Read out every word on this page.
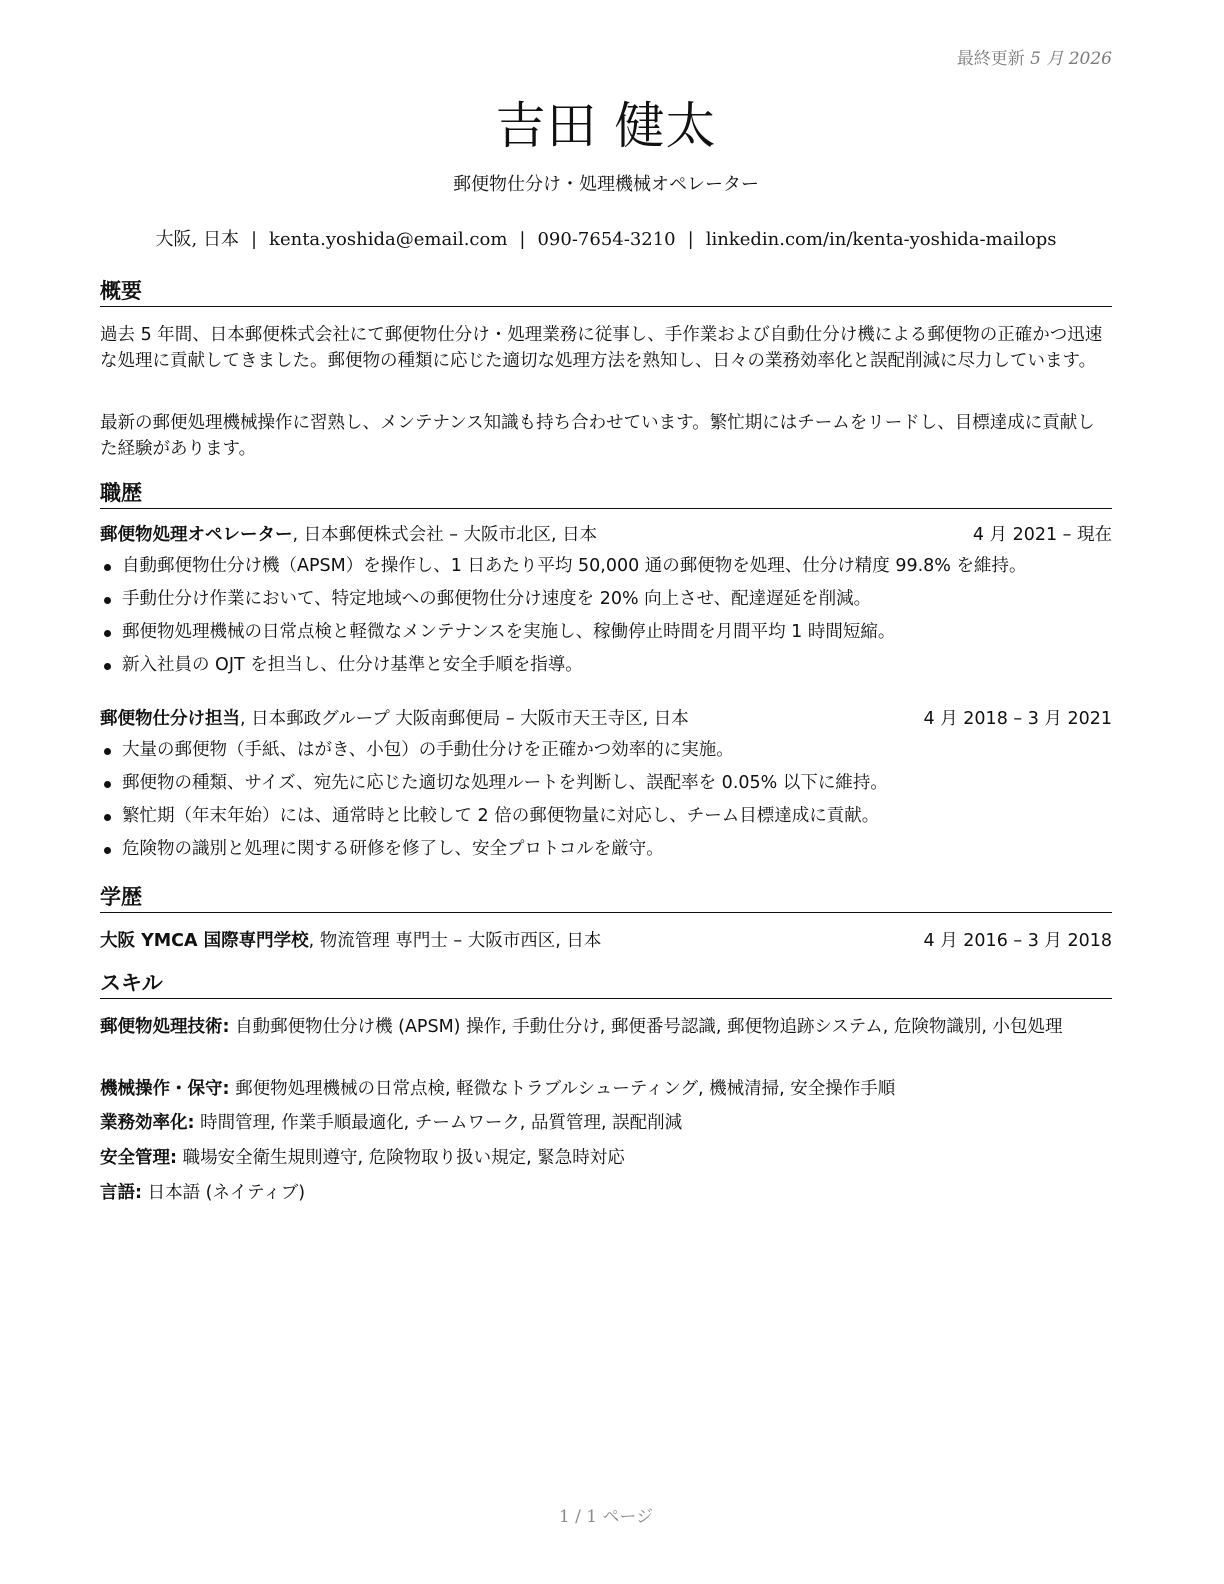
最終更新 5 月 2026
吉田 健太
郵便物仕分け・処理機械オペレーター
大阪, 日本 | kenta.yoshida@email.com | 090-7654-3210 | linkedin.com/in/kenta-yoshida-mailops
概要
過去 5 年間、日本郵便株式会社にて郵便物仕分け・処理業務に従事し、手作業および自動仕分け機による郵便物の正確かつ迅速な処理に貢献してきました。郵便物の種類に応じた適切な処理方法を熟知し、日々の業務効率化と誤配削減に尽力しています。
最新の郵便処理機械操作に習熟し、メンテナンス知識も持ち合わせています。繁忙期にはチームをリードし、目標達成に貢献した経験があります。
職歴
郵便物処理オペレーター, 日本郵便株式会社 – 大阪市北区, 日本	4 月 2021 – 現在
自動郵便物仕分け機（APSM）を操作し、1 日あたり平均 50,000 通の郵便物を処理、仕分け精度 99.8% を維持。
手動仕分け作業において、特定地域への郵便物仕分け速度を 20% 向上させ、配達遅延を削減。
郵便物処理機械の日常点検と軽微なメンテナンスを実施し、稼働停止時間を月間平均 1 時間短縮。
新入社員の OJT を担当し、仕分け基準と安全手順を指導。
郵便物仕分け担当, 日本郵政グループ 大阪南郵便局 – 大阪市天王寺区, 日本	4 月 2018 – 3 月 2021
大量の郵便物（手紙、はがき、小包）の手動仕分けを正確かつ効率的に実施。
郵便物の種類、サイズ、宛先に応じた適切な処理ルートを判断し、誤配率を 0.05% 以下に維持。
繁忙期（年末年始）には、通常時と比較して 2 倍の郵便物量に対応し、チーム目標達成に貢献。
危険物の識別と処理に関する研修を修了し、安全プロトコルを厳守。
学歴
大阪 YMCA 国際専門学校, 物流管理 専門士 – 大阪市西区, 日本	4 月 2016 – 3 月 2018
スキル
郵便物処理技術: 自動郵便物仕分け機 (APSM) 操作, 手動仕分け, 郵便番号認識, 郵便物追跡システム, 危険物識別, 小包処理
機械操作・保守: 郵便物処理機械の日常点検, 軽微なトラブルシューティング, 機械清掃, 安全操作手順
業務効率化: 時間管理, 作業手順最適化, チームワーク, 品質管理, 誤配削減
安全管理: 職場安全衛生規則遵守, 危険物取り扱い規定, 緊急時対応
言語: 日本語 (ネイティブ)
1 / 1 ページ
